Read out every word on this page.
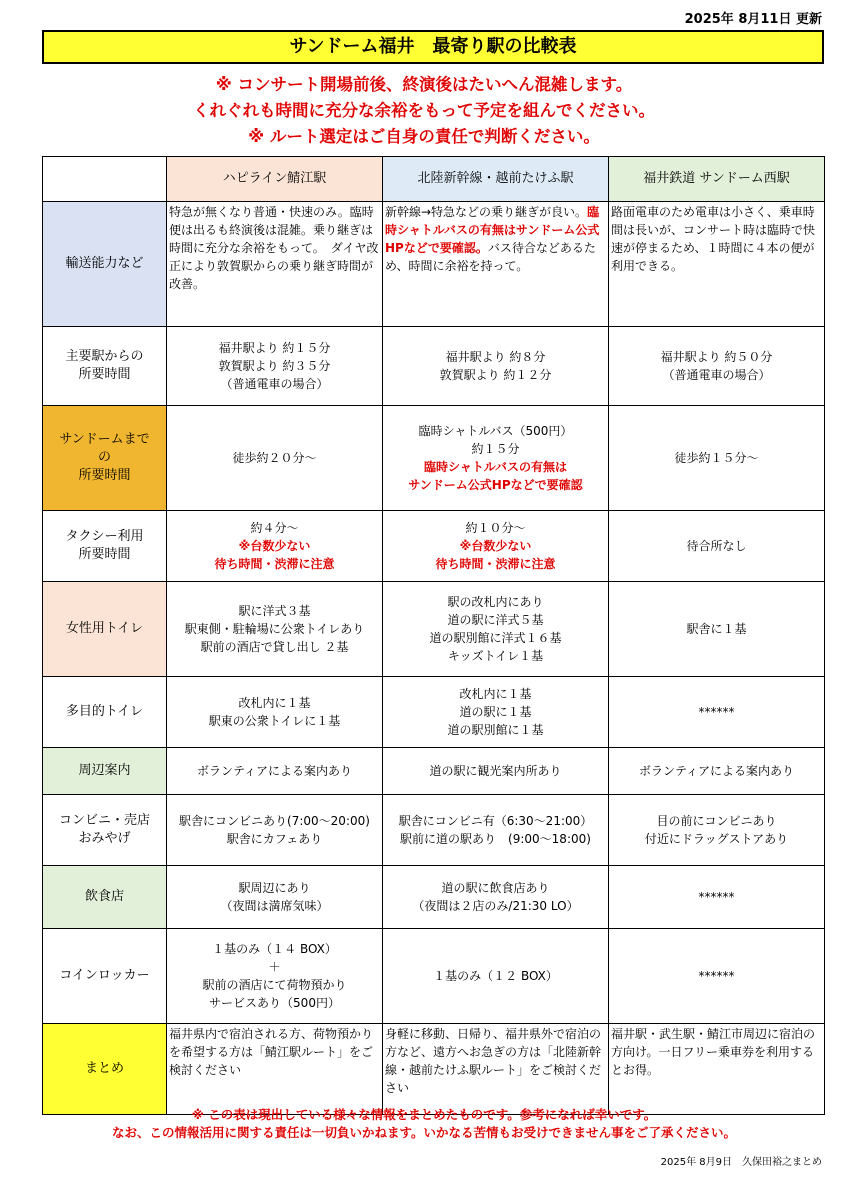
2025年 8月11日 更新
サンドーム福井　最寄り駅の比較表
※ コンサート開場前後、終演後はたいへん混雑します。
くれぐれも時間に充分な余裕をもって予定を組んでください。
※ ルート選定はご自身の責任で判断ください。
	ハピライン鯖江駅	北陸新幹線・越前たけふ駅	福井鉄道 サンドーム西駅

輸送能力など	特急が無くなり普通・快速のみ。臨時便は出るも終演後は混雑。乗り継ぎは時間に充分な余裕をもって。　ダイヤ改正により敦賀駅からの乗り継ぎ時間が改善。	新幹線→特急などの乗り継ぎが良い。臨時シャトルバスの有無はサンドーム公式HPなどで要確認。バス待合などあるため、時間に余裕を持って。	路面電車のため電車は小さく、乗車時間は長いが、コンサート時は臨時で快速が停まるため、１時間に４本の便が利用できる。

主要駅からの
所要時間	福井駅より 約１５分
敦賀駅より 約３５分
（普通電車の場合）	福井駅より 約８分
敦賀駅より 約１２分	福井駅より 約５０分
（普通電車の場合）

サンドームまで
の
所要時間	徒歩約２０分〜	臨時シャトルバス（500円）
約１５分
臨時シャトルバスの有無は
サンドーム公式HPなどで要確認	徒歩約１５分〜

タクシー利用
所要時間	約４分〜
※台数少ない
待ち時間・渋滞に注意	約１０分〜
※台数少ない
待ち時間・渋滞に注意	待合所なし

女性用トイレ	駅に洋式３基
駅東側・駐輪場に公衆トイレあり
駅前の酒店で貸し出し ２基	駅の改札内にあり
道の駅に洋式５基
道の駅別館に洋式１６基
キッズトイレ１基	駅舎に１基

多目的トイレ	改札内に１基
駅東の公衆トイレに１基	改札内に１基
道の駅に１基
道の駅別館に１基	******

周辺案内	ボランティアによる案内あり	道の駅に観光案内所あり	ボランティアによる案内あり

コンビニ・売店
おみやげ	駅舎にコンビニあり(7:00〜20:00)
駅舎にカフェあり	駅舎にコンビニ有（6:30〜21:00）
駅前に道の駅あり　(9:00〜18:00)	目の前にコンビニあり
付近にドラッグストアあり

飲食店	駅周辺にあり
（夜間は満席気味）	道の駅に飲食店あり
（夜間は２店のみ/21:30 LO）	******

コインロッカー	１基のみ（１４ BOX）
＋
駅前の酒店にて荷物預かり
サービスあり（500円）	１基のみ（１２ BOX）	******

まとめ	福井県内で宿泊される方、荷物預かりを希望する方は「鯖江駅ルート」をご検討ください	身軽に移動、日帰り、福井県外で宿泊の方など、遠方へお急ぎの方は「北陸新幹線・越前たけふ駅ルート」をご検討ください	福井駅・武生駅・鯖江市周辺に宿泊の方向け。一日フリー乗車券を利用するとお得。
※ この表は現出している様々な情報をまとめたものです。参考になれば幸いです。
なお、この情報活用に関する責任は一切負いかねます。いかなる苦情もお受けできません事をご了承ください。
2025年 8月9日　久保田裕之まとめ
